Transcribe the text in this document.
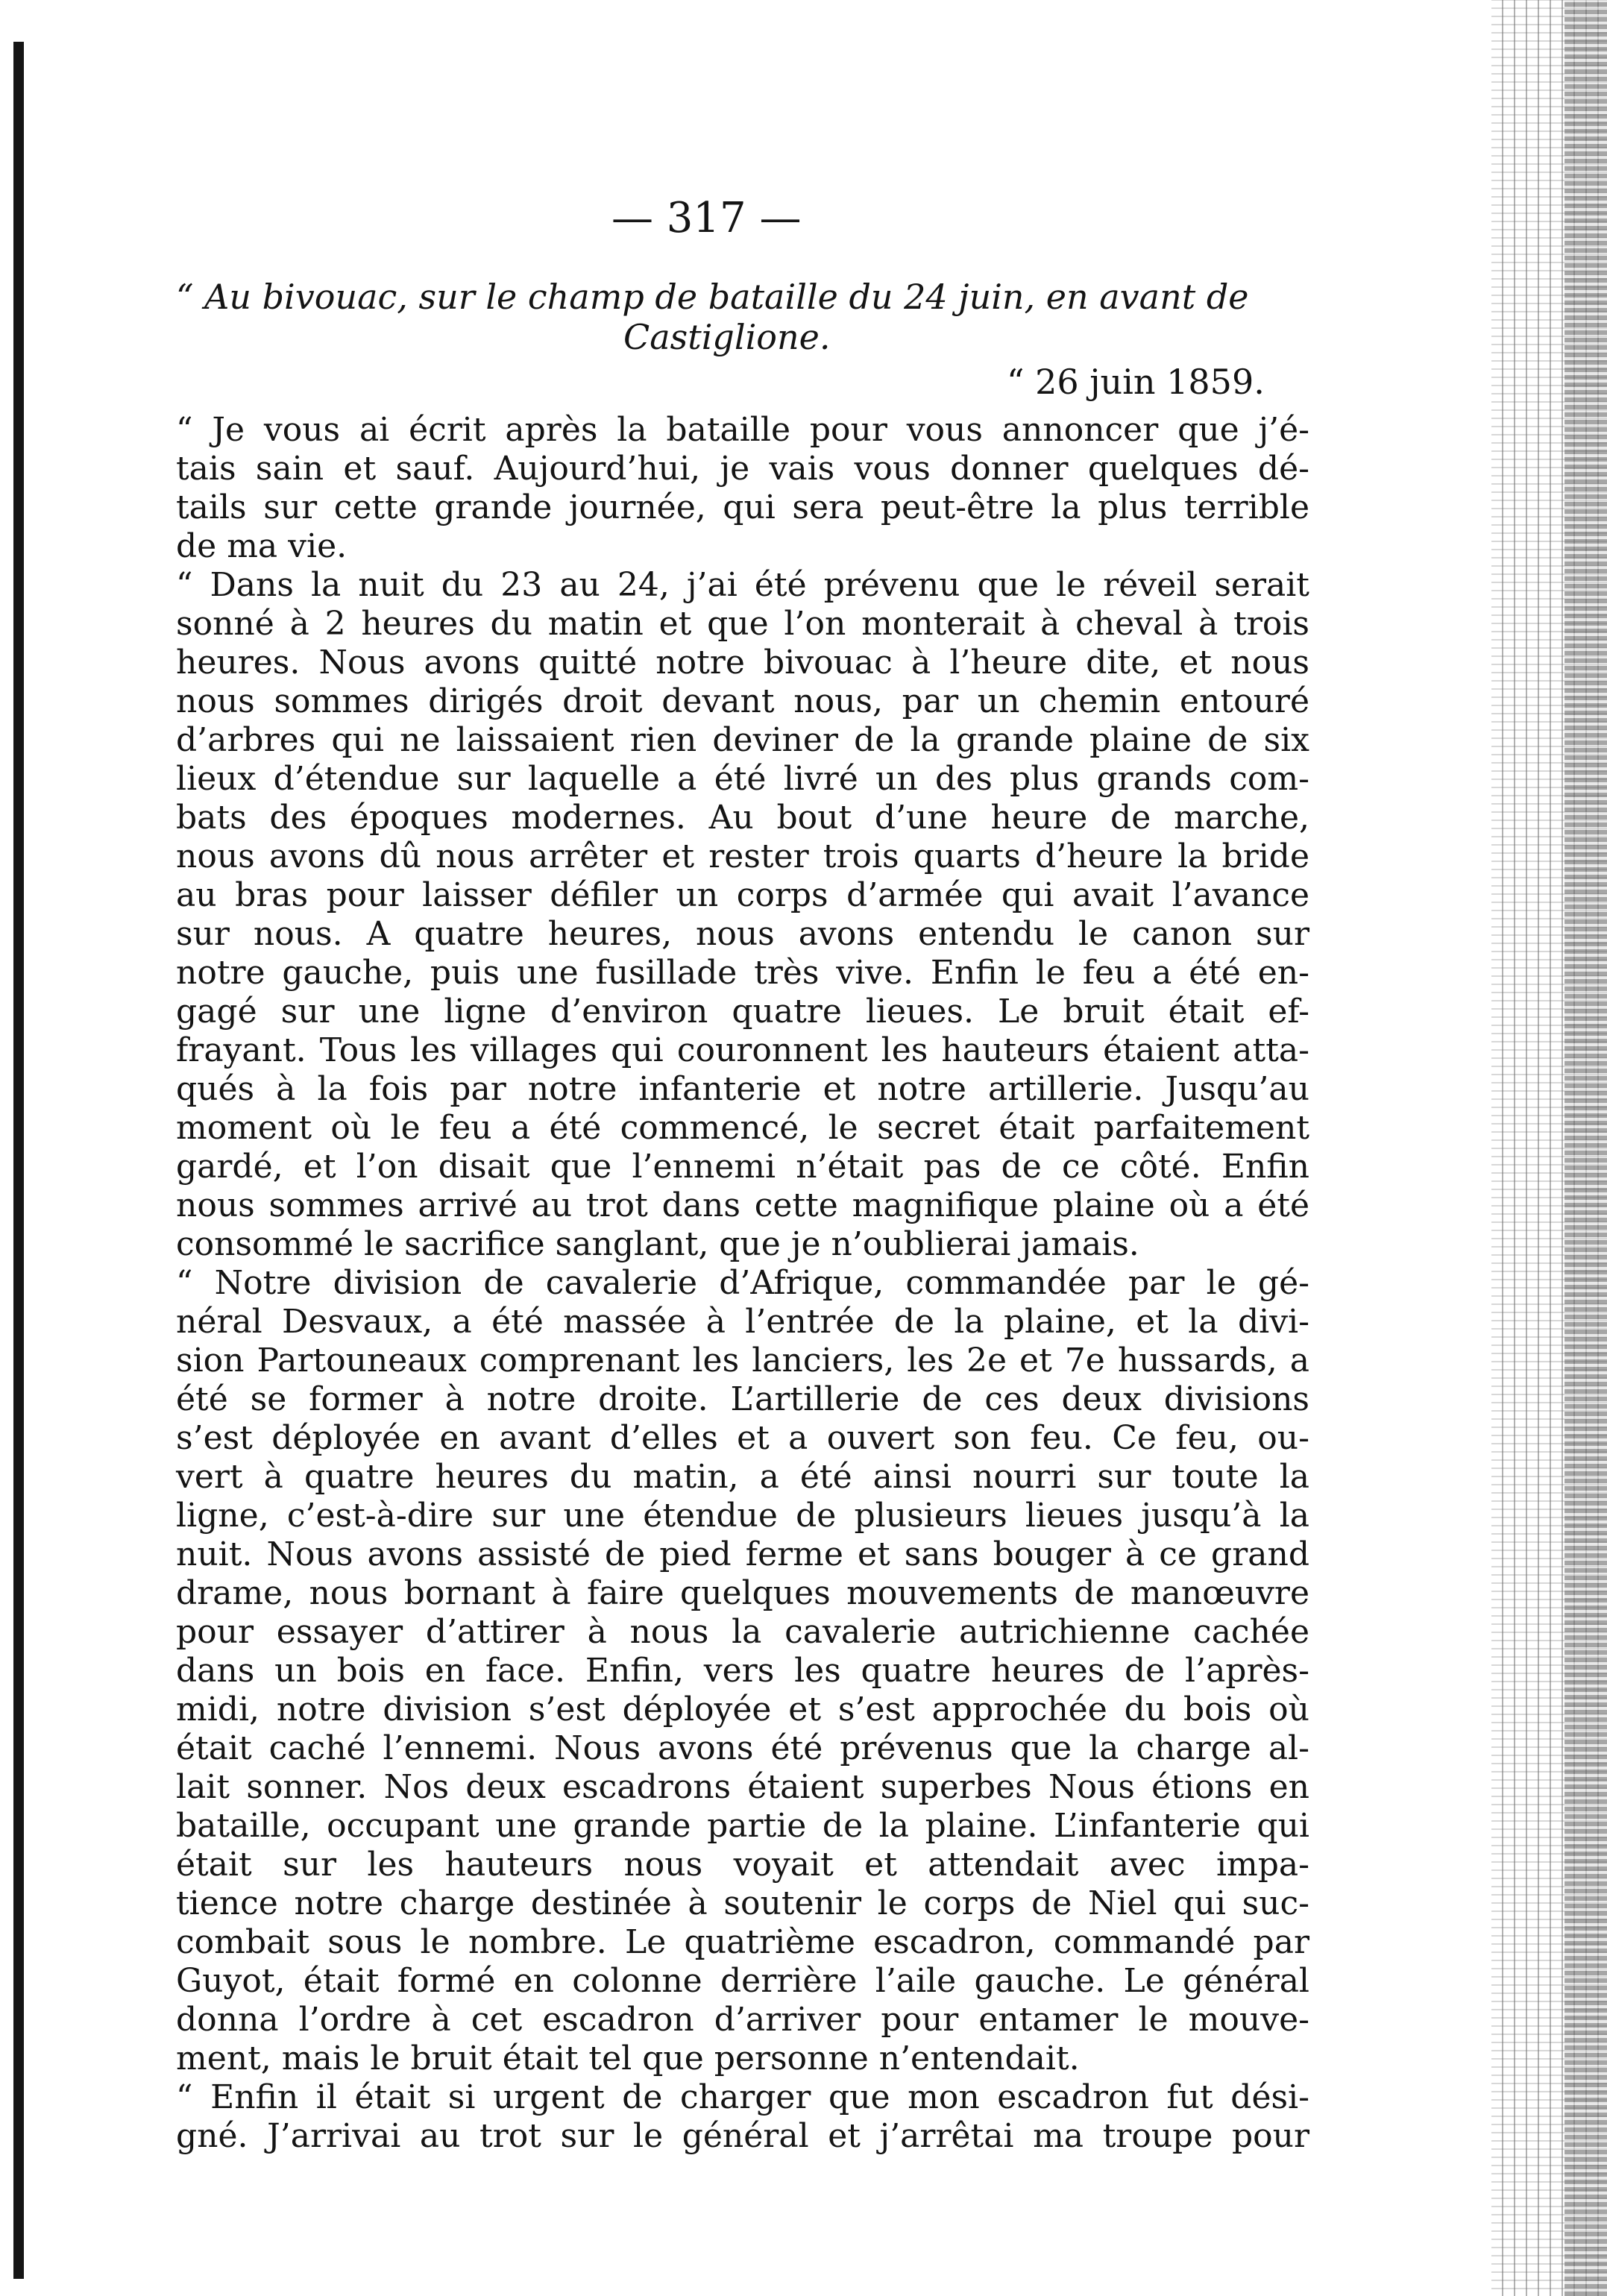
— 317 —
“ Au bivouac, sur le champ de bataille du 24 juin, en avant de
Castiglione.
“ 26 juin 1859.
“ Je vous ai écrit après la bataille pour vous annoncer que j’é-
tais sain et sauf. Aujourd’hui, je vais vous donner quelques dé-
tails sur cette grande journée, qui sera peut-être la plus terrible
de ma vie.
“ Dans la nuit du 23 au 24, j’ai été prévenu que le réveil serait
sonné à 2 heures du matin et que l’on monterait à cheval à trois
heures. Nous avons quitté notre bivouac à l’heure dite, et nous
nous sommes dirigés droit devant nous, par un chemin entouré
d’arbres qui ne laissaient rien deviner de la grande plaine de six
lieux d’étendue sur laquelle a été livré un des plus grands com-
bats des époques modernes. Au bout d’une heure de marche,
nous avons dû nous arrêter et rester trois quarts d’heure la bride
au bras pour laisser défiler un corps d’armée qui avait l’avance
sur nous. A quatre heures, nous avons entendu le canon sur
notre gauche, puis une fusillade très vive. Enfin le feu a été en-
gagé sur une ligne d’environ quatre lieues. Le bruit était ef-
frayant. Tous les villages qui couronnent les hauteurs étaient atta-
qués à la fois par notre infanterie et notre artillerie. Jusqu’au
moment où le feu a été commencé, le secret était parfaitement
gardé, et l’on disait que l’ennemi n’était pas de ce côté. Enfin
nous sommes arrivé au trot dans cette magnifique plaine où a été
consommé le sacrifice sanglant, que je n’oublierai jamais.
“ Notre division de cavalerie d’Afrique, commandée par le gé-
néral Desvaux, a été massée à l’entrée de la plaine, et la divi-
sion Partouneaux comprenant les lanciers, les 2e et 7e hussards, a
été se former à notre droite. L’artillerie de ces deux divisions
s’est déployée en avant d’elles et a ouvert son feu. Ce feu, ou-
vert à quatre heures du matin, a été ainsi nourri sur toute la
ligne, c’est-à-dire sur une étendue de plusieurs lieues jusqu’à la
nuit. Nous avons assisté de pied ferme et sans bouger à ce grand
drame, nous bornant à faire quelques mouvements de manœuvre
pour essayer d’attirer à nous la cavalerie autrichienne cachée
dans un bois en face. Enfin, vers les quatre heures de l’après-
midi, notre division s’est déployée et s’est approchée du bois où
était caché l’ennemi. Nous avons été prévenus que la charge al-
lait sonner. Nos deux escadrons étaient superbes Nous étions en
bataille, occupant une grande partie de la plaine. L’infanterie qui
était sur les hauteurs nous voyait et attendait avec impa-
tience notre charge destinée à soutenir le corps de Niel qui suc-
combait sous le nombre. Le quatrième escadron, commandé par
Guyot, était formé en colonne derrière l’aile gauche. Le général
donna l’ordre à cet escadron d’arriver pour entamer le mouve-
ment, mais le bruit était tel que personne n’entendait.
“ Enfin il était si urgent de charger que mon escadron fut dési-
gné. J’arrivai au trot sur le général et j’arrêtai ma troupe pour
